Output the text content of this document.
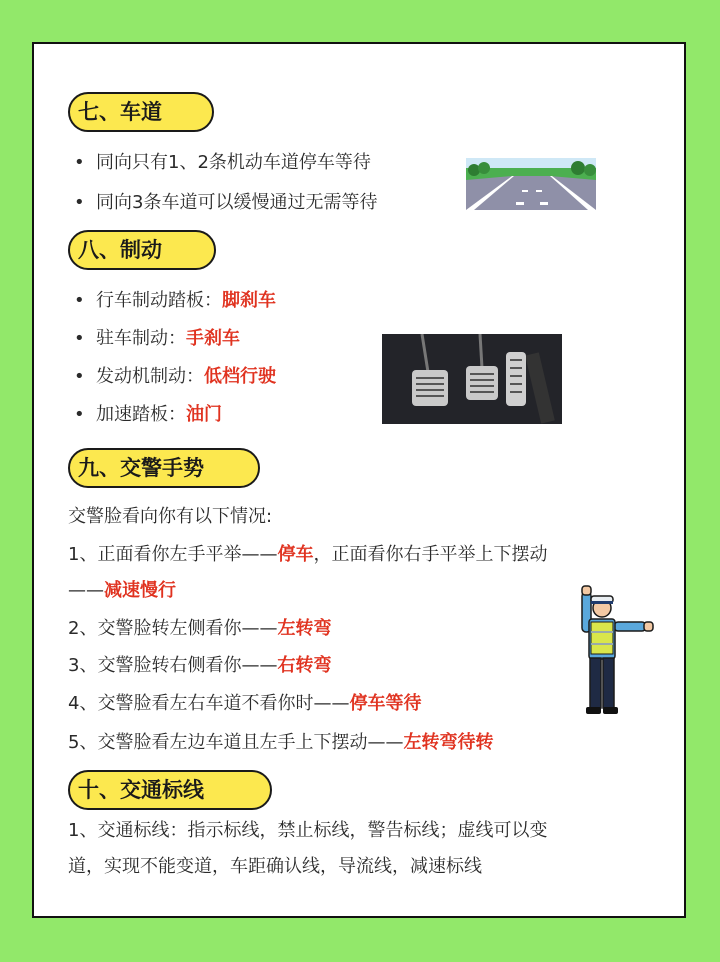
七、车道
• 同向只有1、2条机动车道停车等待
• 同向3条车道可以缓慢通过无需等待
八、制动
• 行车制动踏板：脚刹车
• 驻车制动：手刹车
• 发动机制动：低档行驶
• 加速踏板：油门
九、交警手势
交警脸看向你有以下情况:
1、正面看你左手平举——停车，正面看你右手平举上下摆动
——减速慢行
2、交警脸转左侧看你——左转弯
3、交警脸转右侧看你——右转弯
4、交警脸看左右车道不看你时——停车等待
5、交警脸看左边车道且左手上下摆动——左转弯待转
十、交通标线
1、交通标线：指示标线，禁止标线，警告标线；虚线可以变
道，实现不能变道，车距确认线，导流线，减速标线
